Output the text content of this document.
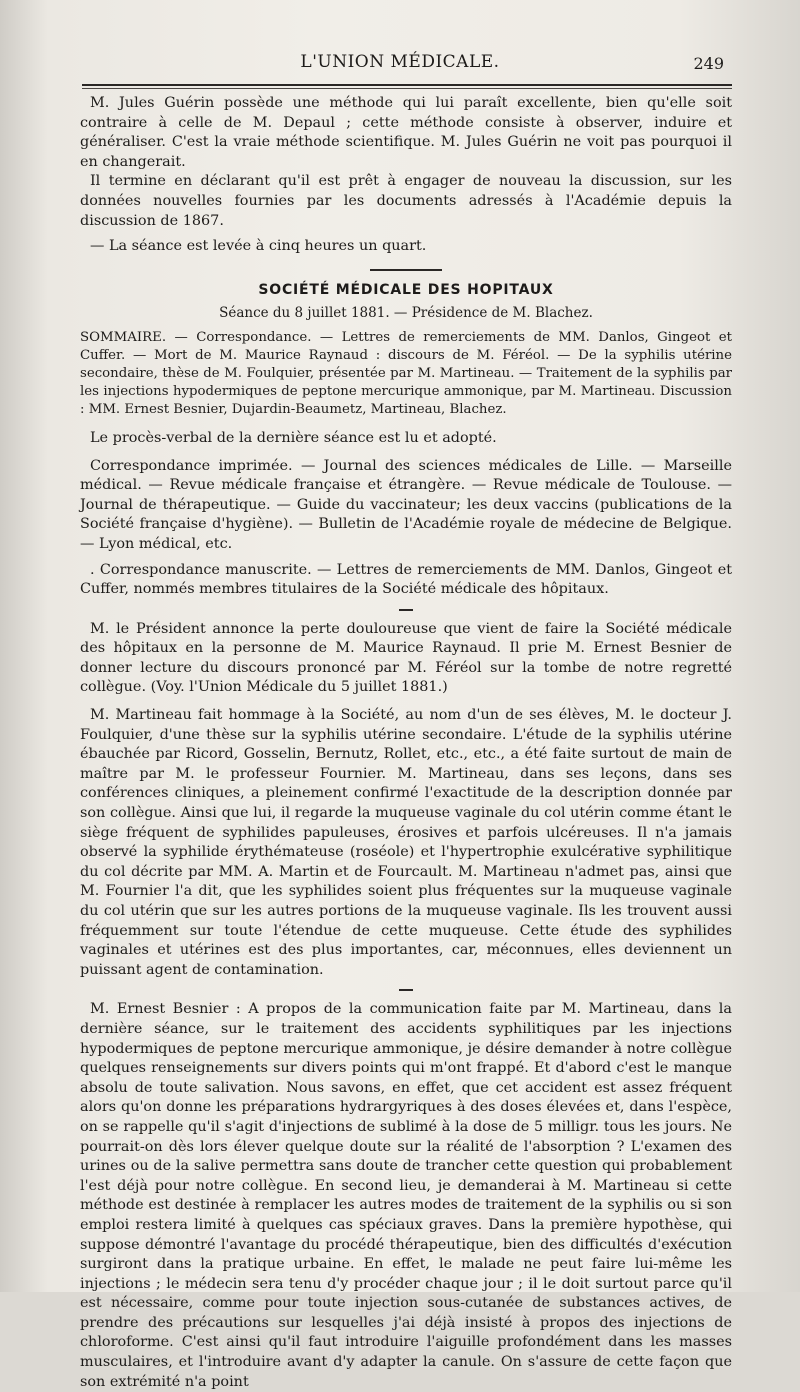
L'UNION MÉDICALE.	249

M. Jules Guérin possède une méthode qui lui paraît excellente, bien qu'elle soit contraire à celle de M. Depaul ; cette méthode consiste à observer, induire et généraliser. C'est la vraie méthode scientifique. M. Jules Guérin ne voit pas pourquoi il en changerait.

Il termine en déclarant qu'il est prêt à engager de nouveau la discussion, sur les données nouvelles fournies par les documents adressés à l'Académie depuis la discussion de 1867.

— La séance est levée à cinq heures un quart.

SOCIÉTÉ MÉDICALE DES HOPITAUX
Séance du 8 juillet 1881. — Présidence de M. Blachez.
SOMMAIRE. — Correspondance. — Lettres de remerciements de MM. Danlos, Gingeot et Cuffer. — Mort de M. Maurice Raynaud : discours de M. Féréol. — De la syphilis utérine secondaire, thèse de M. Foulquier, présentée par M. Martineau. — Traitement de la syphilis par les injections hypodermiques de peptone mercurique ammonique, par M. Martineau. Discussion : MM. Ernest Besnier, Dujardin-Beaumetz, Martineau, Blachez.

Le procès-verbal de la dernière séance est lu et adopté.

Correspondance imprimée. — Journal des sciences médicales de Lille. — Marseille médical. — Revue médicale française et étrangère. — Revue médicale de Toulouse. — Journal de thérapeutique. — Guide du vaccinateur; les deux vaccins (publications de la Société française d'hygiène). — Bulletin de l'Académie royale de médecine de Belgique. — Lyon médical, etc.

. Correspondance manuscrite. — Lettres de remerciements de MM. Danlos, Gingeot et Cuffer, nommés membres titulaires de la Société médicale des hôpitaux.

M. le Président annonce la perte douloureuse que vient de faire la Société médicale des hôpitaux en la personne de M. Maurice Raynaud. Il prie M. Ernest Besnier de donner lecture du discours prononcé par M. Féréol sur la tombe de notre regretté collègue. (Voy. l'Union Médicale du 5 juillet 1881.)

M. Martineau fait hommage à la Société, au nom d'un de ses élèves, M. le docteur J. Foulquier, d'une thèse sur la syphilis utérine secondaire. L'étude de la syphilis utérine ébauchée par Ricord, Gosselin, Bernutz, Rollet, etc., etc., a été faite surtout de main de maître par M. le professeur Fournier. M. Martineau, dans ses leçons, dans ses conférences cliniques, a pleinement confirmé l'exactitude de la description donnée par son collègue. Ainsi que lui, il regarde la muqueuse vaginale du col utérin comme étant le siège fréquent de syphilides papuleuses, érosives et parfois ulcéreuses. Il n'a jamais observé la syphilide érythémateuse (roséole) et l'hypertrophie exulcérative syphilitique du col décrite par MM. A. Martin et de Fourcault. M. Martineau n'admet pas, ainsi que M. Fournier l'a dit, que les syphilides soient plus fréquentes sur la muqueuse vaginale du col utérin que sur les autres portions de la muqueuse vaginale. Ils les trouvent aussi fréquemment sur toute l'étendue de cette muqueuse. Cette étude des syphilides vaginales et utérines est des plus importantes, car, méconnues, elles deviennent un puissant agent de contamination.

M. Ernest Besnier : A propos de la communication faite par M. Martineau, dans la dernière séance, sur le traitement des accidents syphilitiques par les injections hypodermiques de peptone mercurique ammonique, je désire demander à notre collègue quelques renseignements sur divers points qui m'ont frappé. Et d'abord c'est le manque absolu de toute salivation. Nous savons, en effet, que cet accident est assez fréquent alors qu'on donne les préparations hydrargyriques à des doses élevées et, dans l'espèce, on se rappelle qu'il s'agit d'injections de sublimé à la dose de 5 milligr. tous les jours. Ne pourrait-on dès lors élever quelque doute sur la réalité de l'absorption ? L'examen des urines ou de la salive permettra sans doute de trancher cette question qui probablement l'est déjà pour notre collègue. En second lieu, je demanderai à M. Martineau si cette méthode est destinée à remplacer les autres modes de traitement de la syphilis ou si son emploi restera limité à quelques cas spéciaux graves. Dans la première hypothèse, qui suppose démontré l'avantage du procédé thérapeutique, bien des difficultés d'exécution surgiront dans la pratique urbaine. En effet, le malade ne peut faire lui-même les injections ; le médecin sera tenu d'y procéder chaque jour ; il le doit surtout parce qu'il est nécessaire, comme pour toute injection sous-cutanée de substances actives, de prendre des précautions sur lesquelles j'ai déjà insisté à propos des injections de chloroforme. C'est ainsi qu'il faut introduire l'aiguille profondément dans les masses musculaires, et l'introduire avant d'y adapter la canule. On s'assure de cette façon que son extrémité n'a point
